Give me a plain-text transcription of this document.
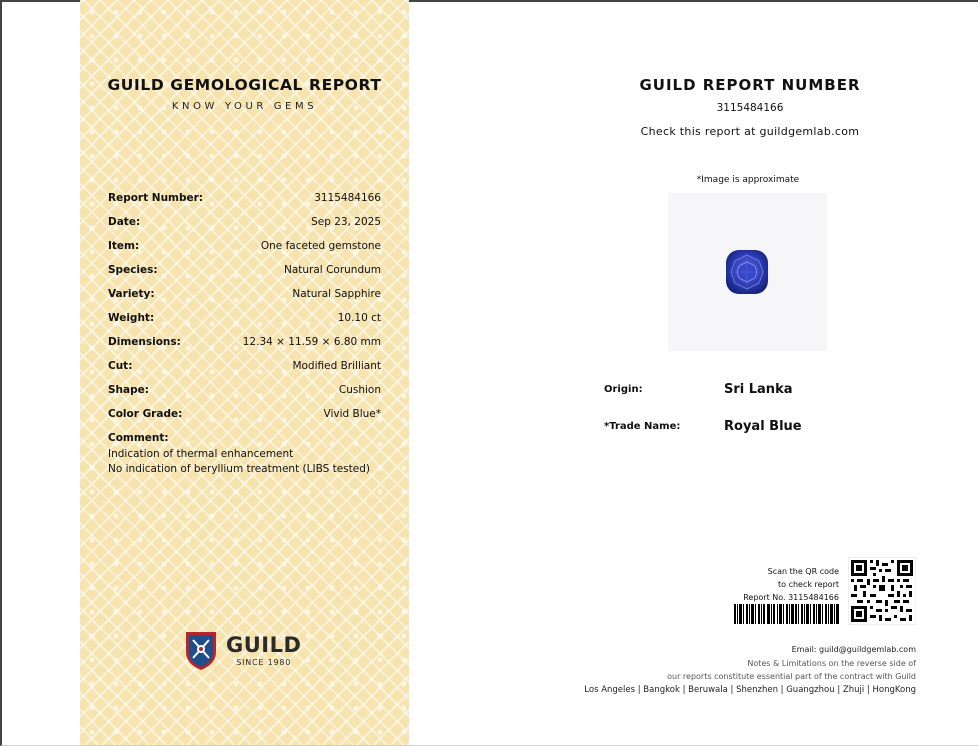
GUILD GEMOLOGICAL REPORT
KNOW YOUR GEMS
Report Number:	3115484166
Date:	Sep 23, 2025
Item:	One faceted gemstone
Species:	Natural Corundum
Variety:	Natural Sapphire
Weight:	10.10 ct
Dimensions:	12.34 × 11.59 × 6.80 mm
Cut:	Modified Brilliant
Shape:	Cushion
Color Grade:	Vivid Blue*
Comment:
Indication of thermal enhancement
No indication of beryllium treatment (LIBS tested)
GUILD
SINCE 1980
GUILD REPORT NUMBER
3115484166
Check this report at guildgemlab.com
*Image is approximate
Origin:	Sri Lanka
*Trade Name:	Royal Blue
Scan the QR code
to check report
Report No. 3115484166
Email: guild@guildgemlab.com
Notes & Limitations on the reverse side of
our reports constitute essential part of the contract with Guild
Los Angeles | Bangkok | Beruwala | Shenzhen | Guangzhou | Zhuji | HongKong
